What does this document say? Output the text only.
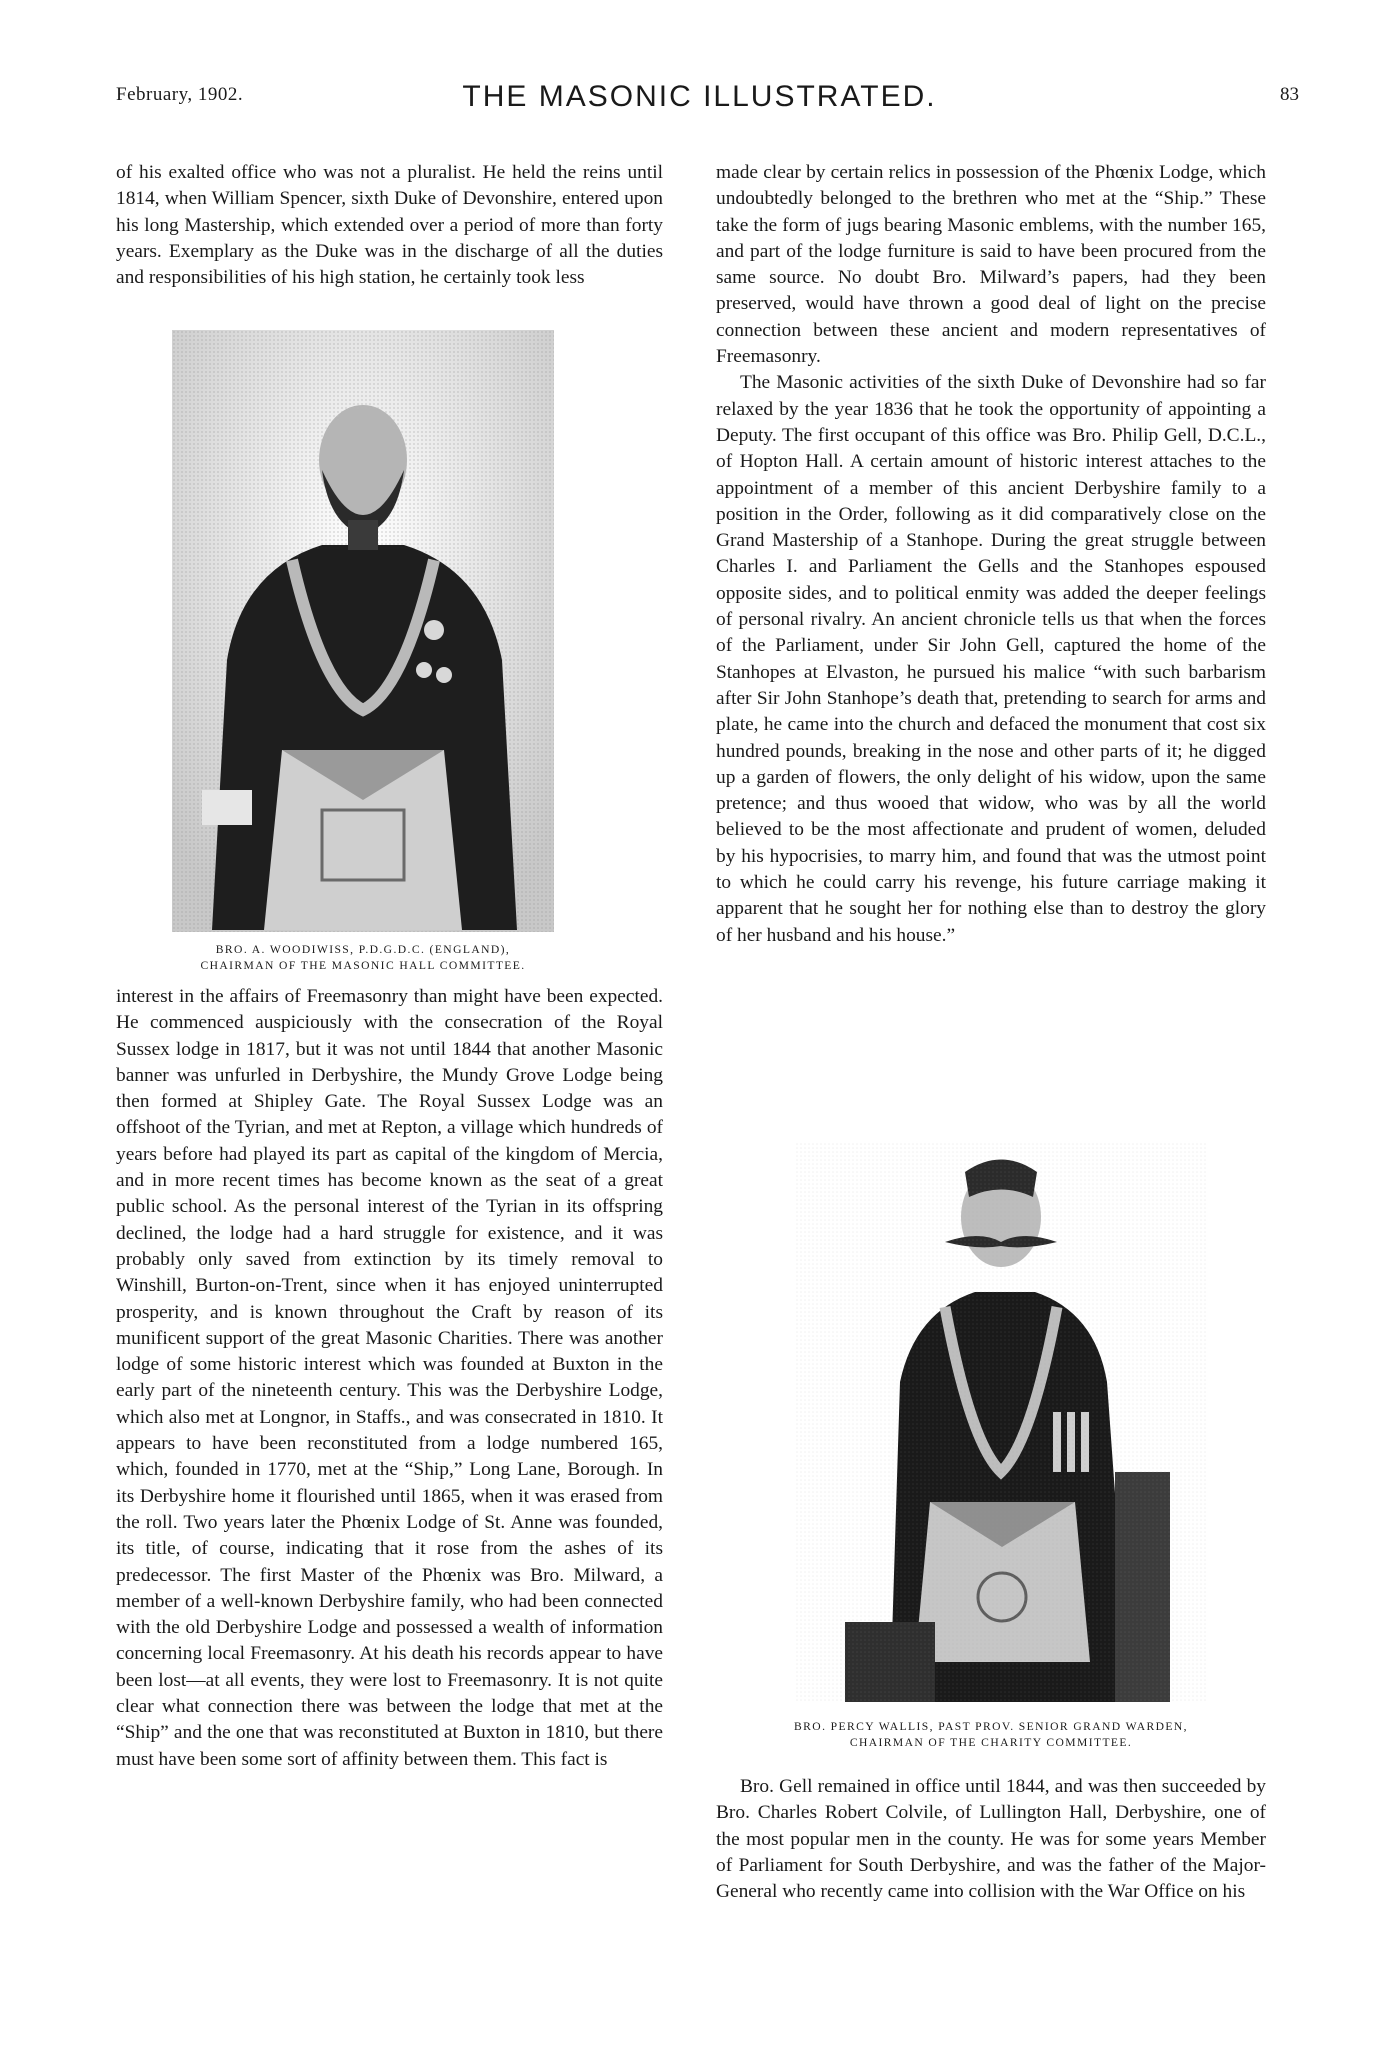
February, 1902.	THE MASONIC ILLUSTRATED.	83

of his exalted office who was not a pluralist. He held the reins until 1814, when William Spencer, sixth Duke of Devonshire, entered upon his long Mastership, which extended over a period of more than forty years. Exemplary as the Duke was in the discharge of all the duties and responsibilities of his high station, he certainly took less

BRO. A. WOODIWISS, P.D.G.D.C. (ENGLAND),
CHAIRMAN OF THE MASONIC HALL COMMITTEE.

interest in the affairs of Freemasonry than might have been expected. He commenced auspiciously with the consecration of the Royal Sussex lodge in 1817, but it was not until 1844 that another Masonic banner was unfurled in Derbyshire, the Mundy Grove Lodge being then formed at Shipley Gate. The Royal Sussex Lodge was an offshoot of the Tyrian, and met at Repton, a village which hundreds of years before had played its part as capital of the kingdom of Mercia, and in more recent times has become known as the seat of a great public school. As the personal interest of the Tyrian in its offspring declined, the lodge had a hard struggle for existence, and it was probably only saved from extinction by its timely removal to Winshill, Burton-on-Trent, since when it has enjoyed uninterrupted prosperity, and is known throughout the Craft by reason of its munificent support of the great Masonic Charities. There was another lodge of some historic interest which was founded at Buxton in the early part of the nineteenth century. This was the Derbyshire Lodge, which also met at Longnor, in Staffs., and was consecrated in 1810. It appears to have been reconstituted from a lodge numbered 165, which, founded in 1770, met at the “Ship,” Long Lane, Borough. In its Derbyshire home it flourished until 1865, when it was erased from the roll. Two years later the Phœnix Lodge of St. Anne was founded, its title, of course, indicating that it rose from the ashes of its predecessor. The first Master of the Phœnix was Bro. Milward, a member of a well-known Derbyshire family, who had been connected with the old Derbyshire Lodge and possessed a wealth of information concerning local Freemasonry. At his death his records appear to have been lost—at all events, they were lost to Freemasonry. It is not quite clear what connection there was between the lodge that met at the “Ship” and the one that was reconstituted at Buxton in 1810, but there must have been some sort of affinity between them. This fact is

made clear by certain relics in possession of the Phœnix Lodge, which undoubtedly belonged to the brethren who met at the “Ship.” These take the form of jugs bearing Masonic emblems, with the number 165, and part of the lodge furniture is said to have been procured from the same source. No doubt Bro. Milward’s papers, had they been preserved, would have thrown a good deal of light on the precise connection between these ancient and modern representatives of Freemasonry.

The Masonic activities of the sixth Duke of Devonshire had so far relaxed by the year 1836 that he took the opportunity of appointing a Deputy. The first occupant of this office was Bro. Philip Gell, D.C.L., of Hopton Hall. A certain amount of historic interest attaches to the appointment of a member of this ancient Derbyshire family to a position in the Order, following as it did comparatively close on the Grand Mastership of a Stanhope. During the great struggle between Charles I. and Parliament the Gells and the Stanhopes espoused opposite sides, and to political enmity was added the deeper feelings of personal rivalry. An ancient chronicle tells us that when the forces of the Parliament, under Sir John Gell, captured the home of the Stanhopes at Elvaston, he pursued his malice “with such barbarism after Sir John Stanhope’s death that, pretending to search for arms and plate, he came into the church and defaced the monument that cost six hundred pounds, breaking in the nose and other parts of it; he digged up a garden of flowers, the only delight of his widow, upon the same pretence; and thus wooed that widow, who was by all the world believed to be the most affectionate and prudent of women, deluded by his hypocrisies, to marry him, and found that was the utmost point to which he could carry his revenge, his future carriage making it apparent that he sought her for nothing else than to destroy the glory of her husband and his house.”

BRO. PERCY WALLIS, PAST PROV. SENIOR GRAND WARDEN,
CHAIRMAN OF THE CHARITY COMMITTEE.

Bro. Gell remained in office until 1844, and was then succeeded by Bro. Charles Robert Colvile, of Lullington Hall, Derbyshire, one of the most popular men in the county. He was for some years Member of Parliament for South Derbyshire, and was the father of the Major-General who recently came into collision with the War Office on his
